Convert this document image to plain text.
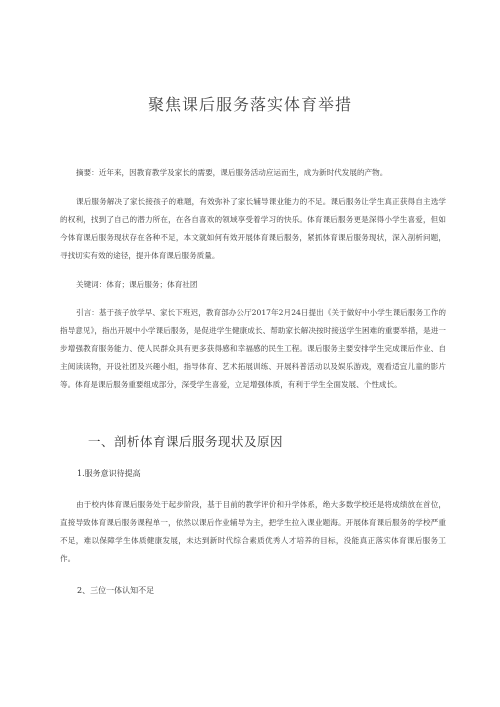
聚焦课后服务落实体育举措
摘要：近年来，因教育教学及家长的需要，课后服务活动应运而生，成为新时代发展的产物。
课后服务解决了家长接孩子的难题，有效弥补了家长辅导课业能力的不足。课后服务让学生真正获得自主选学的权利，找到了自己的潜力所在，在各自喜欢的领域享受着学习的快乐。体育课后服务更是深得小学生喜爱，但如今体育课后服务现状存在各种不足，本文就如何有效开展体育课后服务，紧抓体育课后服务现状，深入剖析问题，寻找切实有效的途径，提升体育课后服务质量。
关键词：体育；课后服务；体育社团
引言：基于孩子放学早、家长下班迟，教育部办公厅2017年2月24日提出《关于做好中小学生课后服务工作的指导意见》，指出开展中小学课后服务，是促进学生健康成长、帮助家长解决按时接送学生困难的重要举措，是进一步增强教育服务能力、使人民群众具有更多获得感和幸福感的民生工程。课后服务主要安排学生完成课后作业、自主阅读读物，开设社团及兴趣小组，指导体育、艺术拓展训练、开展科普活动以及娱乐游戏，观看适宜儿童的影片等。体育是课后服务重要组成部分，深受学生喜爱，立足增强体质，有利于学生全面发展、个性成长。
一、剖析体育课后服务现状及原因
1.服务意识待提高
由于校内体育课后服务处于起步阶段，基于目前的教学评价和升学体系，绝大多数学校还是将成绩放在首位，直接导致体育课后服务课程单一，依然以课后作业辅导为主，把学生拉入课业题海。开展体育课后服务的学校严重不足，难以保障学生体质健康发展，未达到新时代综合素质优秀人才培养的目标，没能真正落实体育课后服务工作。
2、三位一体认知不足
